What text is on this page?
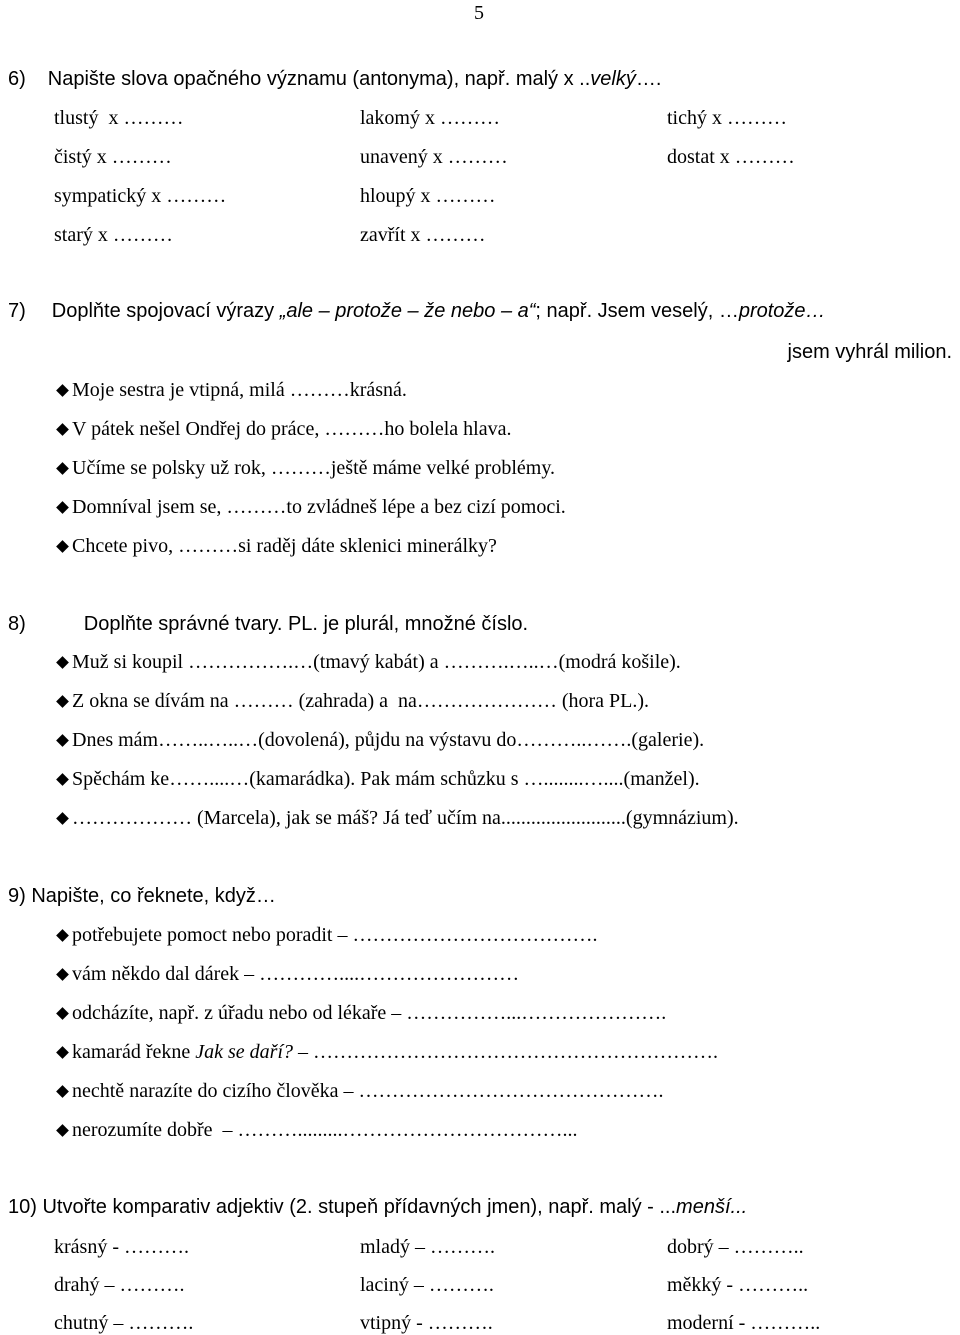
5
6) Napište slova opačného významu (antonyma), např. malý x ..velký….
tlustý  x ………	lakomý x ………	tichý x ………
čistý x ………	unavený x ………	dostat x ………
sympatický x ………	hloupý x ………
starý x ………	zavřít x ………
7) Doplňte spojovací výrazy „ale – protože – že nebo – a“; např. Jsem veselý, …protože…
jsem vyhrál milion.
Moje sestra je vtipná, milá ………krásná.
V pátek nešel Ondřej do práce, ………ho bolela hlava.
Učíme se polsky už rok, ………ještě máme velké problémy.
Domníval jsem se, ………to zvládneš lépe a bez cizí pomoci.
Chcete pivo, ………si raděj dáte sklenici minerálky?
8)	Doplňte správné tvary. PL. je plurál, množné číslo.
Muž si koupil …………….…(tmavý kabát) a ……….…..…(modrá košile).
Z okna se dívám na ……… (zahrada) a  na………………… (hora PL.).
Dnes mám……..…..…(dovolená), půjdu na výstavu do………..…….(galerie).
Spěchám ke……....…(kamarádka). Pak mám schůzku s …........…....(manžel).
……………… (Marcela), jak se máš? Já teď učím na.........................(gymnázium).
9) Napište, co řeknete, když…
potřebujete pomoct nebo poradit – ……………………………….
vám někdo dal dárek – …………....……………………
odcházíte, např. z úřadu nebo od lékaře – ……………...………………….
kamarád řekne Jak se daří? – …………………………………………………….
nechtě narazíte do cizího člověka – ……………………………………….
nerozumíte dobře  – ……….........……………………………...
10) Utvořte komparativ adjektiv (2. stupeň přídavných jmen), např. malý - ...menší...
krásný - ……….	mladý – ……….	dobrý – ………..
drahý – ……….	laciný – ……….	měkký - ………..
chutný – ……….	vtipný - ……….	moderní - ………..
